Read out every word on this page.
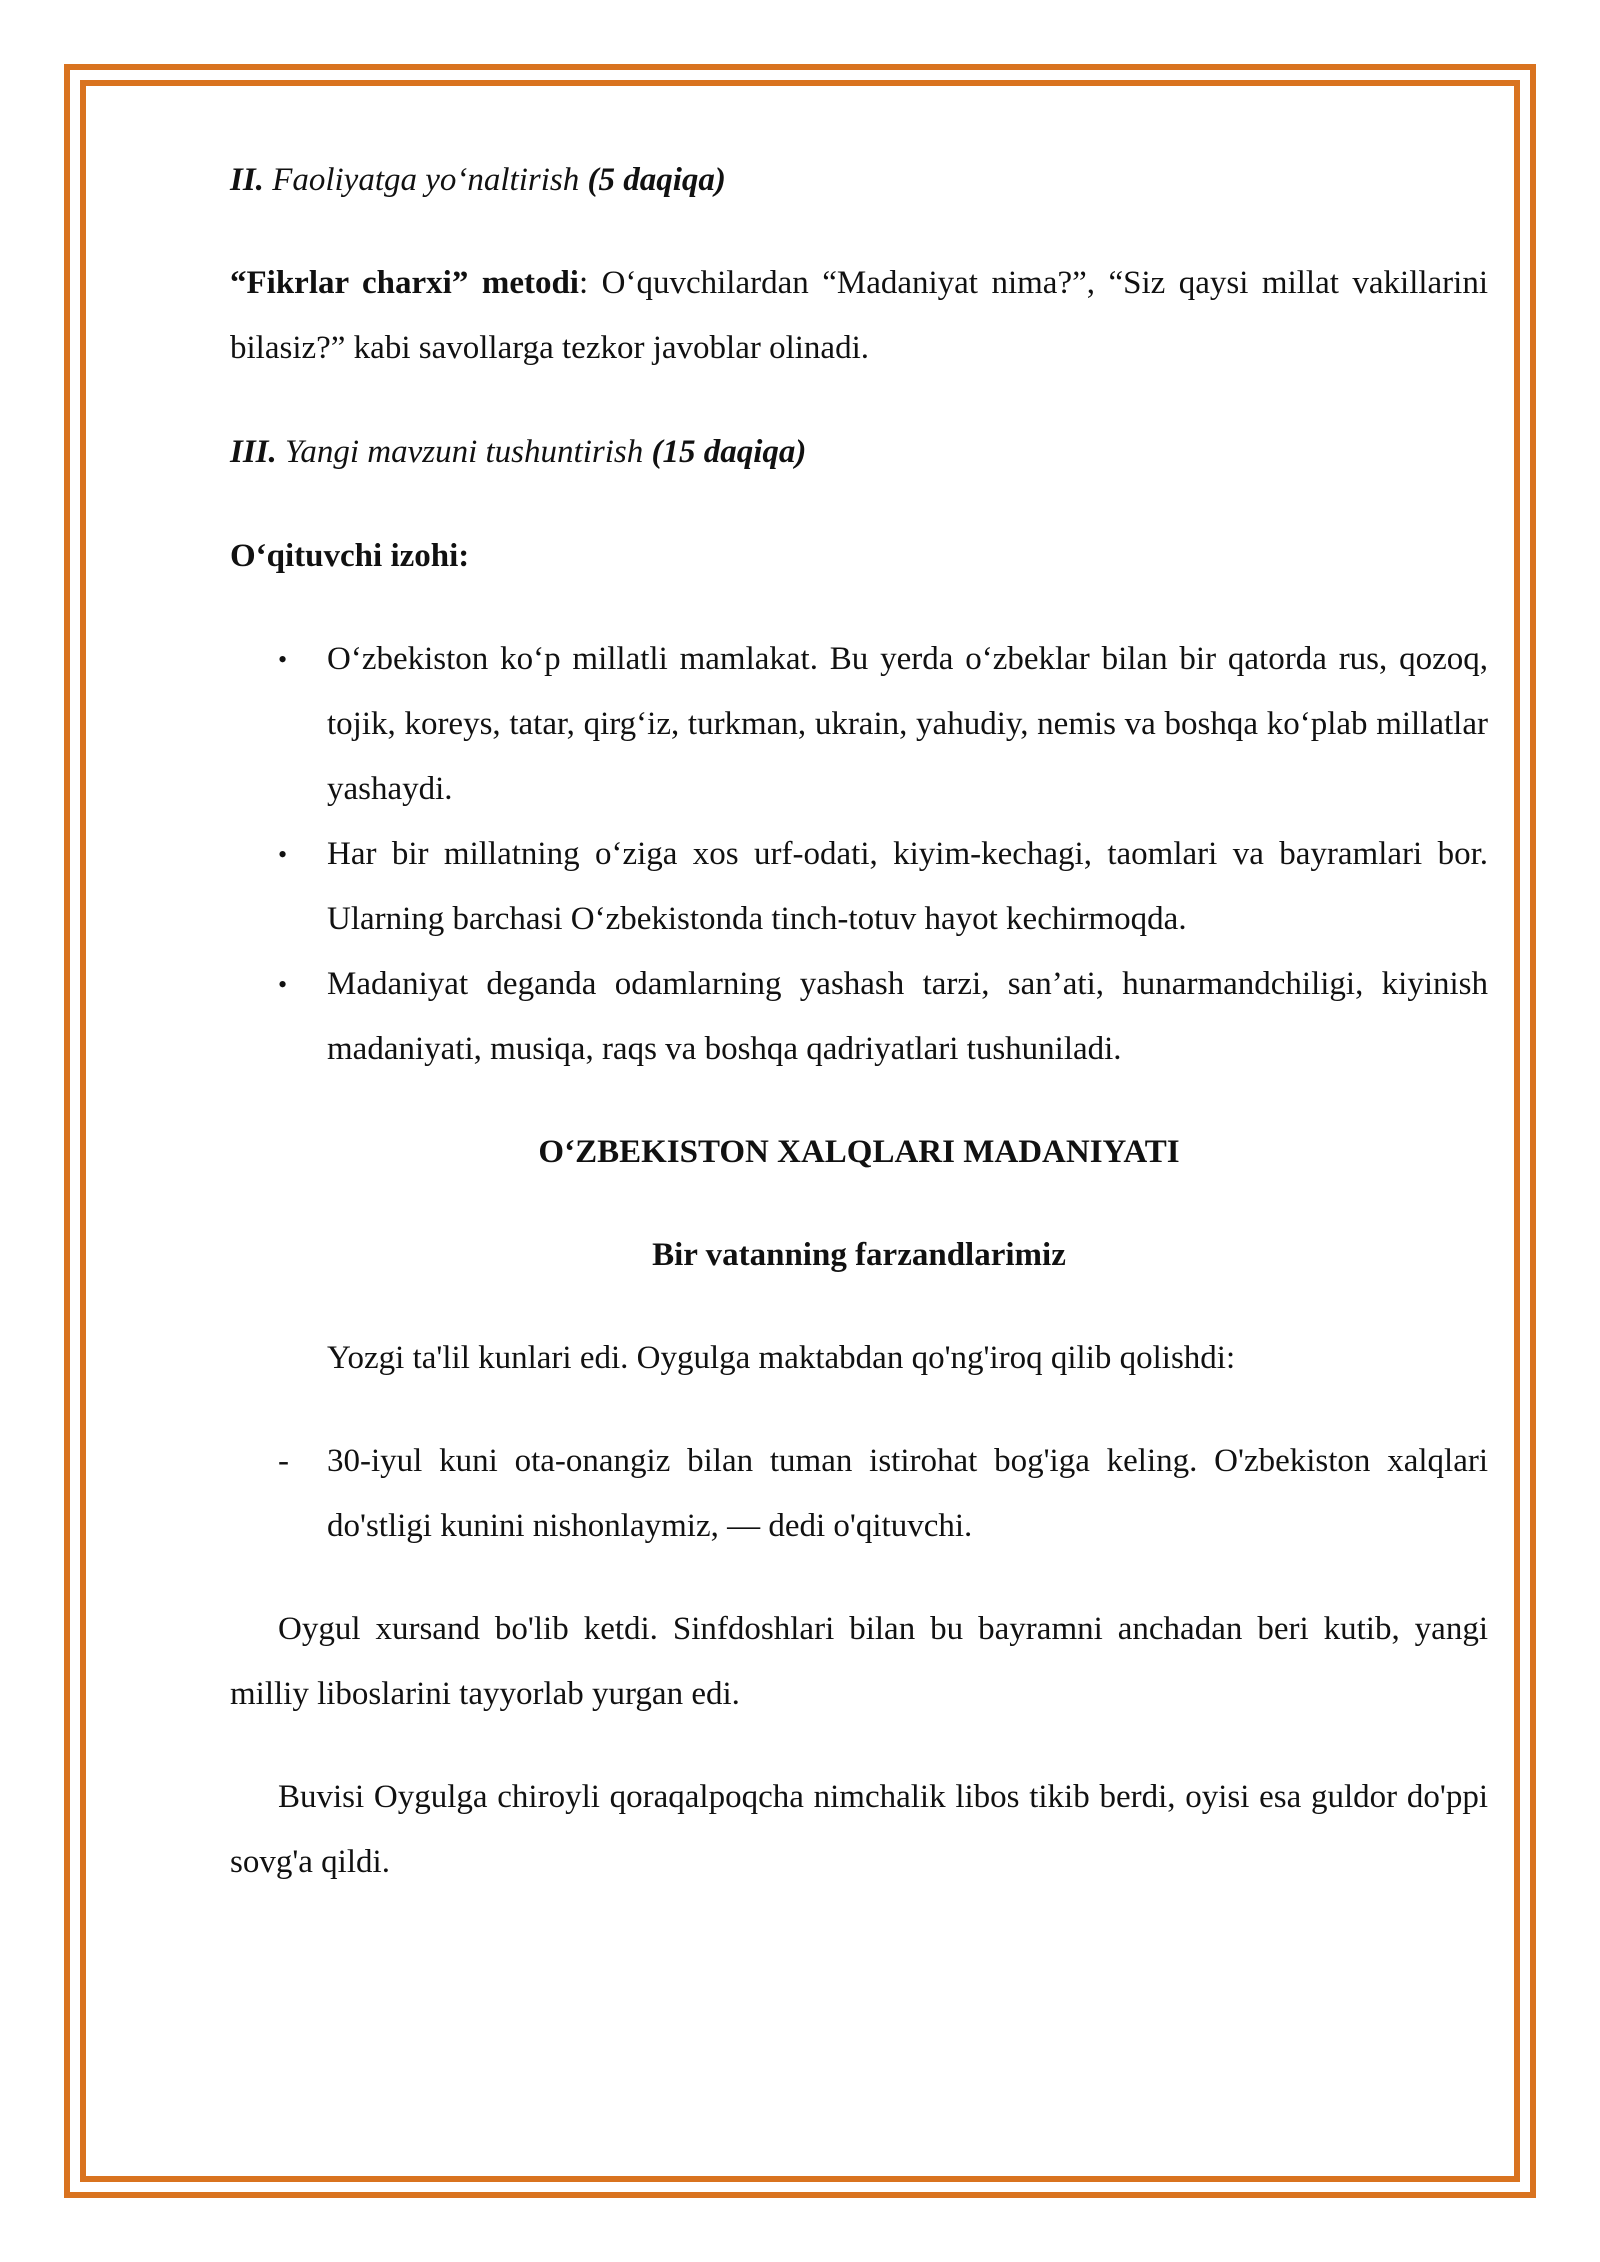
II. Faoliyatga yo‘naltirish (5 daqiqa)

“Fikrlar charxi” metodi: O‘quvchilardan “Madaniyat nima?”, “Siz qaysi millat vakillarini bilasiz?” kabi savollarga tezkor javoblar olinadi.

III. Yangi mavzuni tushuntirish (15 daqiqa)

O‘qituvchi izohi:

• O‘zbekiston ko‘p millatli mamlakat. Bu yerda o‘zbeklar bilan bir qatorda rus, qozoq, tojik, koreys, tatar, qirg‘iz, turkman, ukrain, yahudiy, nemis va boshqa ko‘plab millatlar yashaydi.
• Har bir millatning o‘ziga xos urf-odati, kiyim-kechagi, taomlari va bayramlari bor. Ularning barchasi O‘zbekistonda tinch-totuv hayot kechirmoqda.
• Madaniyat deganda odamlarning yashash tarzi, san’ati, hunarmandchiligi, kiyinish madaniyati, musiqa, raqs va boshqa qadriyatlari tushuniladi.

O‘ZBEKISTON XALQLARI MADANIYATI

Bir vatanning farzandlarimiz

Yozgi ta'lil kunlari edi. Oygulga maktabdan qo'ng'iroq qilib qolishdi:

- 30-iyul kuni ota-onangiz bilan tuman istirohat bog'iga keling. O'zbekiston xalqlari do'stligi kunini nishonlaymiz, — dedi o'qituvchi.

Oygul xursand bo'lib ketdi. Sinfdoshlari bilan bu bayramni anchadan beri kutib, yangi milliy liboslarini tayyorlab yurgan edi.

Buvisi Oygulga chiroyli qoraqalpoqcha nimchalik libos tikib berdi, oyisi esa guldor do'ppi sovg'a qildi.
